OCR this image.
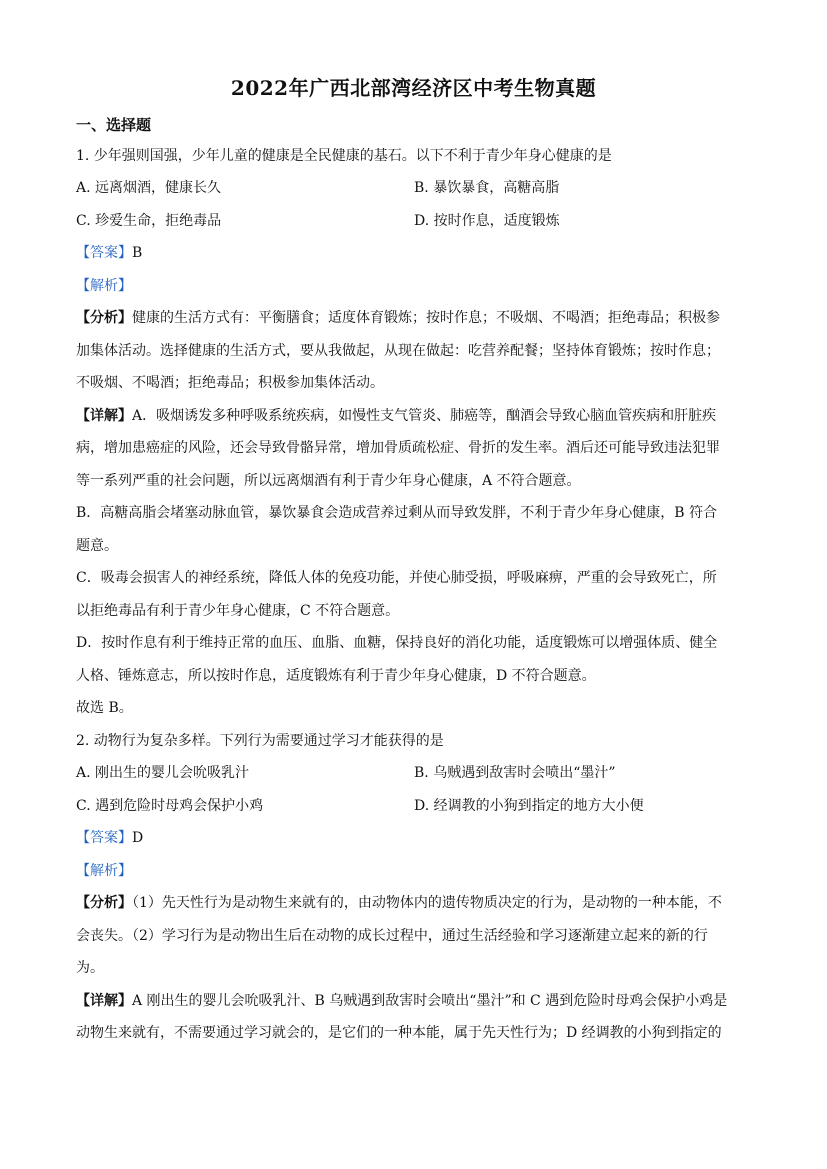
2022年广西北部湾经济区中考生物真题
一、选择题
1. 少年强则国强，少年儿童的健康是全民健康的基石。以下不利于青少年身心健康的是
A. 远离烟酒，健康长久	B. 暴饮暴食，高糖高脂
C. 珍爱生命，拒绝毒品	D. 按时作息，适度锻炼
【答案】B
【解析】
【分析】健康的生活方式有：平衡膳食；适度体育锻炼；按时作息；不吸烟、不喝酒；拒绝毒品；积极参
加集体活动。选择健康的生活方式，要从我做起，从现在做起：吃营养配餐；坚持体育锻炼；按时作息；
不吸烟、不喝酒；拒绝毒品；积极参加集体活动。
【详解】A．吸烟诱发多种呼吸系统疾病，如慢性支气管炎、肺癌等，酗酒会导致心脑血管疾病和肝脏疾
病，增加患癌症的风险，还会导致骨骼异常，增加骨质疏松症、骨折的发生率。酒后还可能导致违法犯罪
等一系列严重的社会问题，所以远离烟酒有利于青少年身心健康，A 不符合题意。
B．高糖高脂会堵塞动脉血管，暴饮暴食会造成营养过剩从而导致发胖，不利于青少年身心健康，B 符合
题意。
C．吸毒会损害人的神经系统，降低人体的免疫功能，并使心肺受损，呼吸麻痹，严重的会导致死亡，所
以拒绝毒品有利于青少年身心健康，C 不符合题意。
D．按时作息有利于维持正常的血压、血脂、血糖，保持良好的消化功能，适度锻炼可以增强体质、健全
人格、锤炼意志，所以按时作息，适度锻炼有利于青少年身心健康，D 不符合题意。
故选 B。
2. 动物行为复杂多样。下列行为需要通过学习才能获得的是
A. 刚出生的婴儿会吮吸乳汁	B. 乌贼遇到敌害时会喷出“墨汁”
C. 遇到危险时母鸡会保护小鸡	D. 经调教的小狗到指定的地方大小便
【答案】D
【解析】
【分析】（1）先天性行为是动物生来就有的，由动物体内的遗传物质决定的行为，是动物的一种本能，不
会丧失。（2）学习行为是动物出生后在动物的成长过程中，通过生活经验和学习逐渐建立起来的新的行
为。
【详解】A 刚出生的婴儿会吮吸乳汁、B 乌贼遇到敌害时会喷出“墨汁”和 C 遇到危险时母鸡会保护小鸡是
动物生来就有，不需要通过学习就会的，是它们的一种本能，属于先天性行为；D 经调教的小狗到指定的
